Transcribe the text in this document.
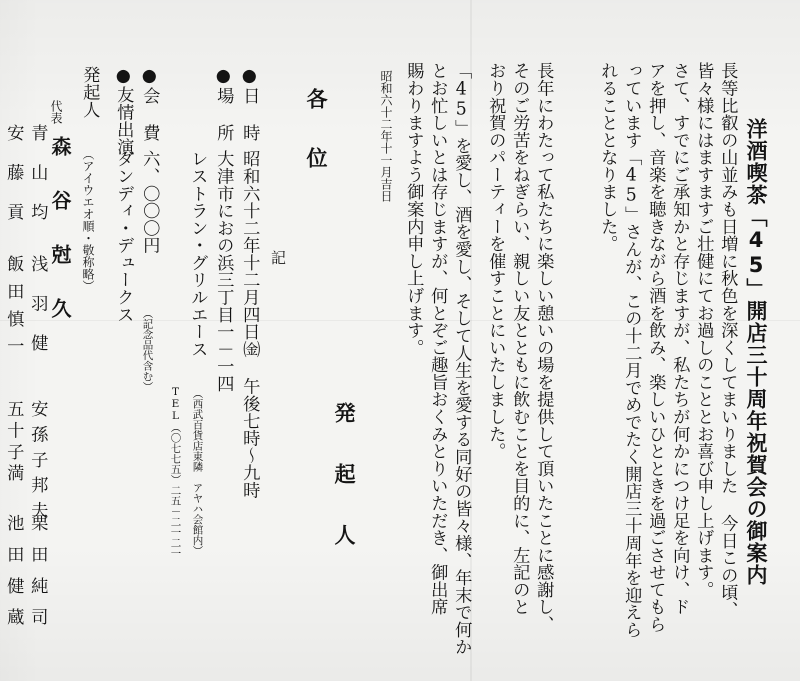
洋酒喫茶「45」開店三十周年祝賀会の御案内
長等比叡の山並みも日増に秋色を深くしてまいりました 今日この頃、
皆々様にはますますご壮健にてお過しのこととお喜び申し上げます。
さて、すでにご承知かと存じますが、私たちが何かにつけ足を向け、ド
アを押し、音楽を聴きながら酒を飲み、楽しいひとときを過ごさせてもら
っています「45」さんが、この十二月でめでたく開店三十周年を迎えら
れることとなりました。
長年にわたって私たちに楽しい憩いの場を提供して頂いたことに感謝し、
そのご労苦をねぎらい、親しい友とともに飲むことを目的に、左記のと
おり祝賀のパーティーを催すことにいたしました。
「45」を愛し、酒を愛し、そして人生を愛する同好の皆々様、年末で何か
とお忙しいとは存じますが、何とぞご趣旨おくみとりいただき、御出席
賜わりますよう御案内申し上げます。
昭和六十二年十一月吉日
各位
発起人
記
●日　時
昭和六十二年十二月四日㈮ 午後七時～九時
●場　所
大津市におの浜三丁目一－一四
（西武百貨店東隣　アヤハ会館内）
レストラン・グリルエース
TEL（〇七七五）二五－二一二一
●会　費
六、〇〇〇円
（記念品代含む）
●友情出演
ダンディ・デュークス
発起人
（アイウエオ順・敬称略）
代表
森谷尅久
青山均
浅羽健
安孫子邦夫
栗田純司
安藤貢
飯田慎一
五十子満
池田健蔵
